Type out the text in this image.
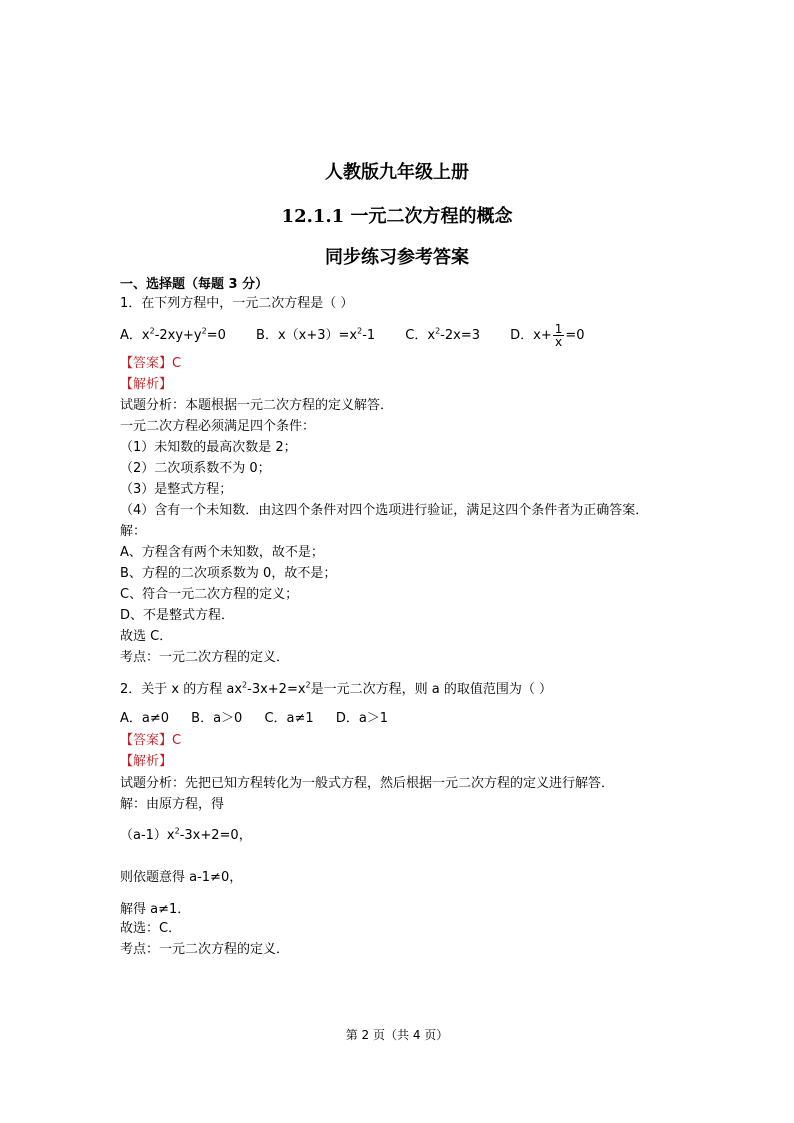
人教版九年级上册
12.1.1 一元二次方程的概念
同步练习参考答案
一、选择题（每题 3 分）
1．在下列方程中，一元二次方程是（ ）
A．$x^2-2xy+y^2=0$ B．$x(x+3)=x^2-1$ C．$x^2-2x=3$ D．$x+ \frac{1}{x} =0$
【答案】C
【解析】
试题分析：本题根据一元二次方程的定义解答．
一元二次方程必须满足四个条件：
（1）未知数的最高次数是 2；
（2）二次项系数不为 0；
（3）是整式方程；
（4）含有一个未知数．由这四个条件对四个选项进行验证，满足这四个条件者为正确答案．
解：
A、方程含有两个未知数，故不是；
B、方程的二次项系数为 0，故不是；
C、符合一元二次方程的定义；
D、不是整式方程．
故选 C．
考点：一元二次方程的定义．
2．关于 x 的方程 $ax^2-3x+2=x^2$是一元二次方程，则 a 的取值范围为（ ）
A．a≠0 B．a＞0 C．a≠1 D．a＞1
【答案】C
【解析】
试题分析：先把已知方程转化为一般式方程，然后根据一元二次方程的定义进行解答．
解：由原方程，得
$(a-1)x^2-3x+2=0$，
则依题意得 a-1≠0，
解得 a≠1．
故选：C．
考点：一元二次方程的定义．
第 2 页（共 4 页）
